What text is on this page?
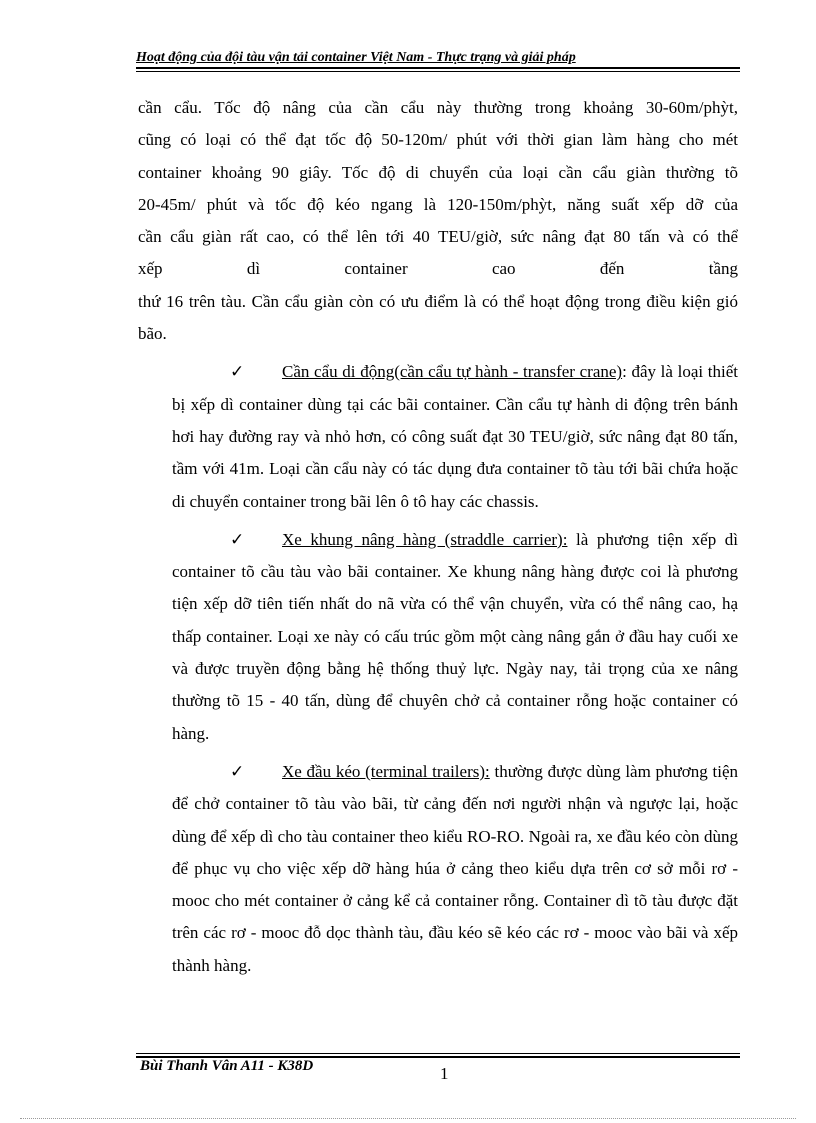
Hoạt động của đội tàu vận tải container Việt Nam - Thực trạng và giải pháp

cần cẩu. Tốc độ nâng của cần cẩu này thường trong khoảng 30-60m/phỳt,
cũng có loại có thể đạt tốc độ 50-120m/ phút với thời gian làm hàng cho mét
container khoảng 90 giây. Tốc độ di chuyển của loại cần cẩu giàn thường tõ
20-45m/ phút và tốc độ kéo ngang là 120-150m/phỳt, năng suất xếp dỡ của
cần cẩu giàn rất cao, có thể lên tới 40 TEU/giờ, sức nâng đạt 80 tấn và có thể
xếp dì container cao đến tầng

thứ 16 trên tàu. Cần cẩu giàn còn có ưu điểm là có thể hoạt động trong điều kiện gió bão.

✓ Cần cẩu di động(cần cẩu tự hành - transfer crane): đây là loại thiết bị xếp dì container dùng tại các bãi container. Cần cẩu tự hành di động trên bánh hơi hay đường ray và nhỏ hơn, có công suất đạt 30 TEU/giờ, sức nâng đạt 80 tấn, tầm với 41m. Loại cần cẩu này có tác dụng đưa container tõ tàu tới bãi chứa hoặc di chuyển container trong bãi lên ô tô hay các chassis.

✓ Xe khung nâng hàng (straddle carrier): là phương tiện xếp dì container tõ cầu tàu vào bãi container. Xe khung nâng hàng được coi là phương tiện xếp dỡ tiên tiến nhất do nã vừa có thể vận chuyển, vừa có thể nâng cao, hạ thấp container. Loại xe này có cấu trúc gồm một càng nâng gắn ở đầu hay cuối xe và được truyền động bằng hệ thống thuỷ lực. Ngày nay, tải trọng của xe nâng thường tõ 15 - 40 tấn, dùng để chuyên chở cả container rỗng hoặc container có hàng.

✓ Xe đầu kéo (terminal trailers): thường được dùng làm phương tiện để chở container tõ tàu vào bãi, từ cảng đến nơi người nhận và ngược lại, hoặc dùng để xếp dì cho tàu container theo kiểu RO-RO. Ngoài ra, xe đầu kéo còn dùng để phục vụ cho việc xếp dỡ hàng húa ở cảng theo kiểu dựa trên cơ sở mỗi rơ - mooc cho mét container ở cảng kể cả container rỗng. Container dì tõ tàu được đặt trên các rơ - mooc đỗ dọc thành tàu, đầu kéo sẽ kéo các rơ - mooc vào bãi và xếp thành hàng.

Bùi Thanh Vân A11 - K38D	1
